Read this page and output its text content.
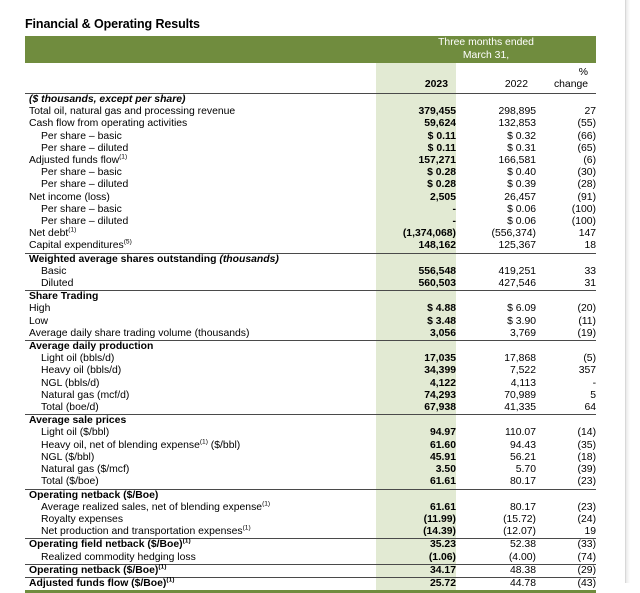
Financial & Operating Results

	Three months ended
March 31,		

	2023	2022	%
change

($ thousands, except per share)			
Total oil, natural gas and processing revenue	379,455	298,895	27
Cash flow from operating activities	59,624	132,853	(55)
Per share – basic	$ 0.11	$ 0.32	(66)
Per share – diluted	$ 0.11	$ 0.31	(65)
Adjusted funds flow$^{(1)}$	157,271	166,581	(6)
Per share – basic	$ 0.28	$ 0.40	(30)
Per share – diluted	$ 0.28	$ 0.39	(28)
Net income (loss)	2,505	26,457	(91)
Per share – basic	-	$ 0.06	(100)
Per share – diluted	-	$ 0.06	(100)
Net debt$^{(1)}$	(1,374,068)	(556,374)	147
Capital expenditures$^{(5)}$	148,162	125,367	18
Weighted average shares outstanding (thousands)			
Basic	556,548	419,251	33
Diluted	560,503	427,546	31
Share Trading			
High	$ 4.88	$ 6.09	(20)
Low	$ 3.48	$ 3.90	(11)
Average daily share trading volume (thousands)	3,056	3,769	(19)
Average daily production			
Light oil (bbls/d)	17,035	17,868	(5)
Heavy oil (bbls/d)	34,399	7,522	357
NGL (bbls/d)	4,122	4,113	-
Natural gas (mcf/d)	74,293	70,989	5
Total (boe/d)	67,938	41,335	64
Average sale prices			
Light oil ($/bbl)	94.97	110.07	(14)
Heavy oil, net of blending expense$^{(1)}$ ($/bbl)	61.60	94.43	(35)
NGL ($/bbl)	45.91	56.21	(18)
Natural gas ($/mcf)	3.50	5.70	(39)
Total ($/boe)	61.61	80.17	(23)
Operating netback ($/Boe)			
Average realized sales, net of blending expense$^{(1)}$	61.61	80.17	(23)
Royalty expenses	(11.99)	(15.72)	(24)
Net production and transportation expenses$^{(1)}$	(14.39)	(12.07)	19
Operating field netback ($/Boe)$^{(1)}$	35.23	52.38	(33)
Realized commodity hedging loss	(1.06)	(4.00)	(74)
Operating netback ($/Boe)$^{(1)}$	34.17	48.38	(29)
Adjusted funds flow ($/Boe)$^{(1)}$	25.72	44.78	(43)
